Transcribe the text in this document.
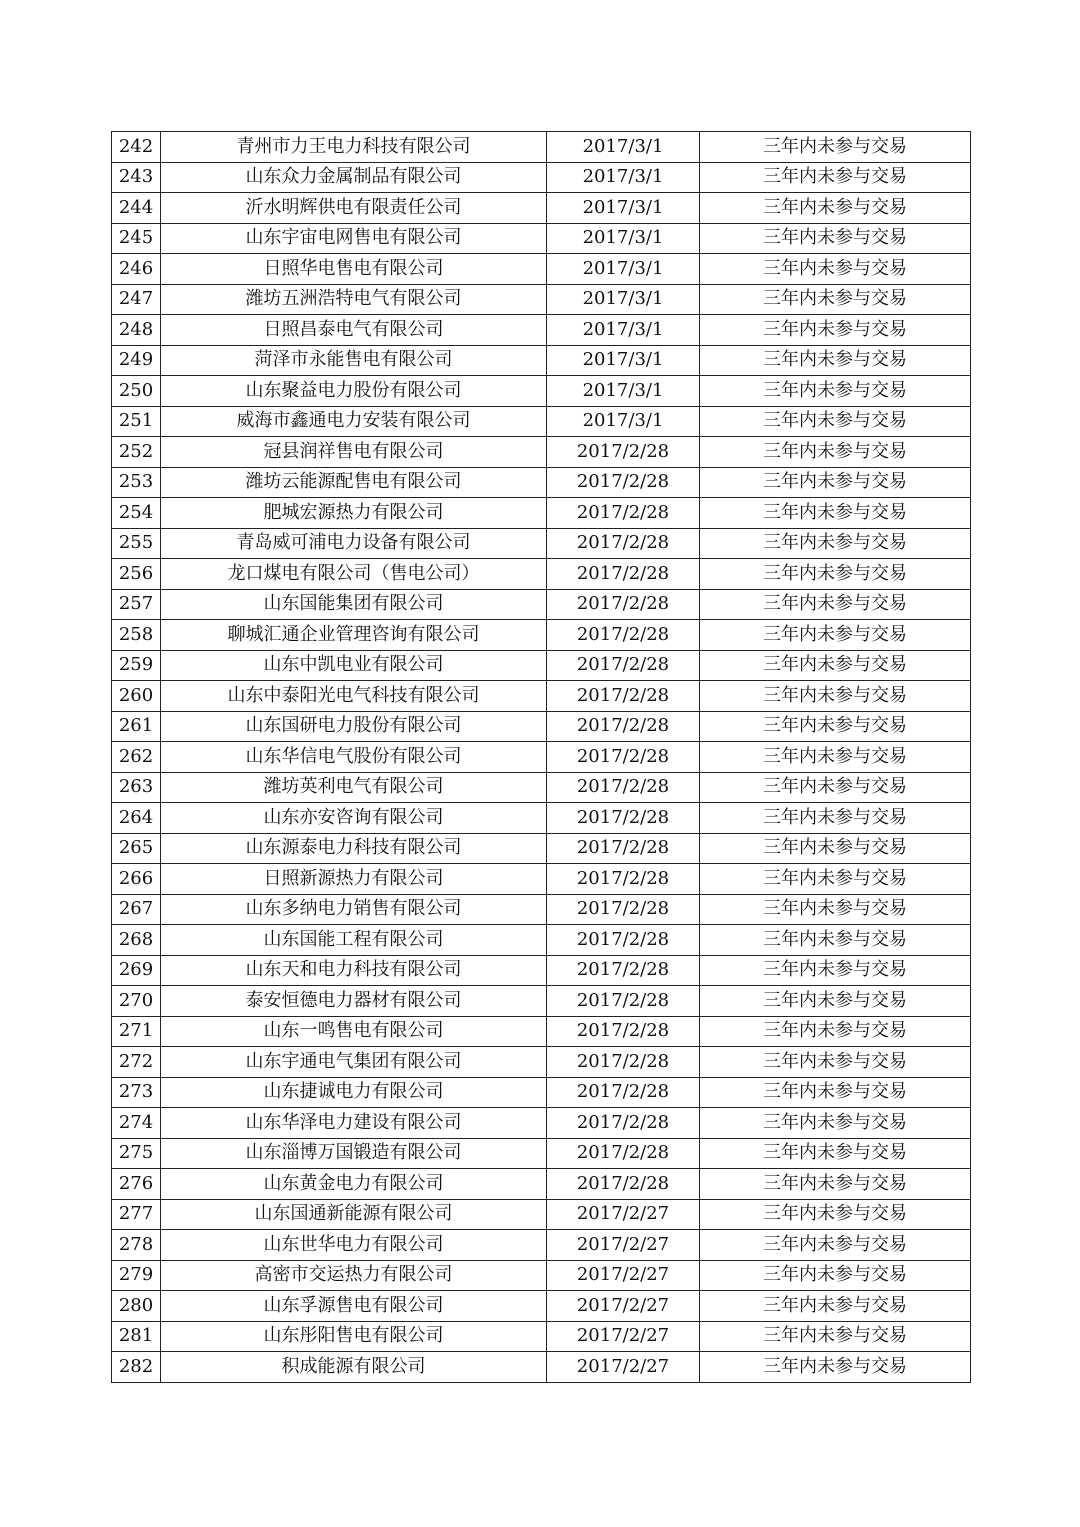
242	青州市力王电力科技有限公司	2017/3/1	三年内未参与交易
243	山东众力金属制品有限公司	2017/3/1	三年内未参与交易
244	沂水明辉供电有限责任公司	2017/3/1	三年内未参与交易
245	山东宇宙电网售电有限公司	2017/3/1	三年内未参与交易
246	日照华电售电有限公司	2017/3/1	三年内未参与交易
247	潍坊五洲浩特电气有限公司	2017/3/1	三年内未参与交易
248	日照昌泰电气有限公司	2017/3/1	三年内未参与交易
249	菏泽市永能售电有限公司	2017/3/1	三年内未参与交易
250	山东聚益电力股份有限公司	2017/3/1	三年内未参与交易
251	威海市鑫通电力安装有限公司	2017/3/1	三年内未参与交易
252	冠县润祥售电有限公司	2017/2/28	三年内未参与交易
253	潍坊云能源配售电有限公司	2017/2/28	三年内未参与交易
254	肥城宏源热力有限公司	2017/2/28	三年内未参与交易
255	青岛威可浦电力设备有限公司	2017/2/28	三年内未参与交易
256	龙口煤电有限公司（售电公司）	2017/2/28	三年内未参与交易
257	山东国能集团有限公司	2017/2/28	三年内未参与交易
258	聊城汇通企业管理咨询有限公司	2017/2/28	三年内未参与交易
259	山东中凯电业有限公司	2017/2/28	三年内未参与交易
260	山东中泰阳光电气科技有限公司	2017/2/28	三年内未参与交易
261	山东国研电力股份有限公司	2017/2/28	三年内未参与交易
262	山东华信电气股份有限公司	2017/2/28	三年内未参与交易
263	潍坊英利电气有限公司	2017/2/28	三年内未参与交易
264	山东亦安咨询有限公司	2017/2/28	三年内未参与交易
265	山东源泰电力科技有限公司	2017/2/28	三年内未参与交易
266	日照新源热力有限公司	2017/2/28	三年内未参与交易
267	山东多纳电力销售有限公司	2017/2/28	三年内未参与交易
268	山东国能工程有限公司	2017/2/28	三年内未参与交易
269	山东天和电力科技有限公司	2017/2/28	三年内未参与交易
270	泰安恒德电力器材有限公司	2017/2/28	三年内未参与交易
271	山东一鸣售电有限公司	2017/2/28	三年内未参与交易
272	山东宇通电气集团有限公司	2017/2/28	三年内未参与交易
273	山东捷诚电力有限公司	2017/2/28	三年内未参与交易
274	山东华泽电力建设有限公司	2017/2/28	三年内未参与交易
275	山东淄博万国锻造有限公司	2017/2/28	三年内未参与交易
276	山东黄金电力有限公司	2017/2/28	三年内未参与交易
277	山东国通新能源有限公司	2017/2/27	三年内未参与交易
278	山东世华电力有限公司	2017/2/27	三年内未参与交易
279	高密市交运热力有限公司	2017/2/27	三年内未参与交易
280	山东孚源售电有限公司	2017/2/27	三年内未参与交易
281	山东彤阳售电有限公司	2017/2/27	三年内未参与交易
282	积成能源有限公司	2017/2/27	三年内未参与交易
